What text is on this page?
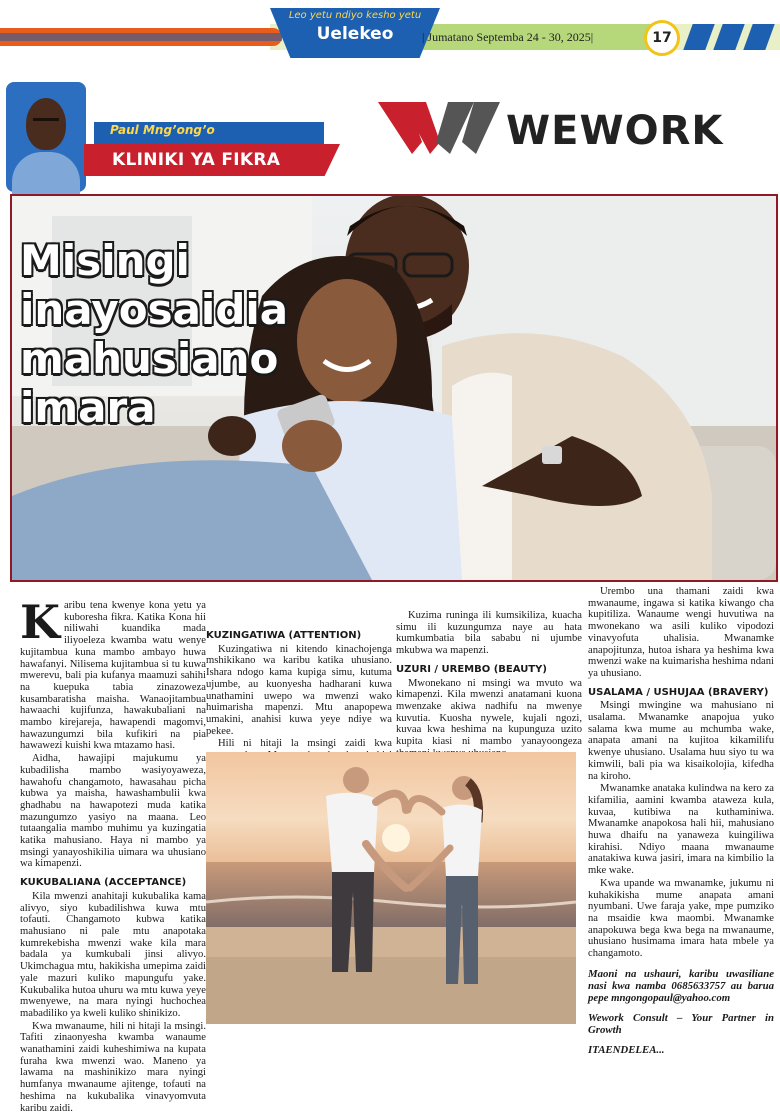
Leo yetu ndiyo kesho yetu
Uelekeo	| Jumatano Septemba 24 - 30, 2025|	17
Paul Mng’ong’o
KLINIKI YA FIKRA
WEWORK
Misingi inayosaidia mahusiano imara

Karibu tena kwenye kona yetu ya kuboresha fikra. Katika Kona hii niliwahi kuandika mada iliyoeleza kwamba watu wenye kujitambua kuna mambo ambayo huwa hawafanyi. Nilisema kujitambua si tu kuwa mwerevu, bali pia kufanya maamuzi sahihi na kuepuka tabia zinazoweza kusambaratisha maisha. Wanaojitambua hawaachi kujifunza, hawakubaliani na mambo kirejareja, hawapendi magomvi, hawazungumzi bila kufikiri na pia hawawezi kuishi kwa mtazamo hasi.

Aidha, hawajipi majukumu ya kubadilisha mambo wasiyoyaweza, hawahofu changamoto, hawasahau picha kubwa ya maisha, hawashambulii kwa ghadhabu na hawapotezi muda katika mazungumzo yasiyo na maana. Leo tutaangalia mambo muhimu ya kuzingatia katika mahusiano. Haya ni mambo ya msingi yanayoshikilia uimara wa uhusiano wa kimapenzi.

KUKUBALIANA (ACCEPTANCE)

Kila mwenzi anahitaji kukubalika kama alivyo, siyo kubadilishwa kuwa mtu tofauti. Changamoto kubwa katika mahusiano ni pale mtu anapotaka kumrekebisha mwenzi wake kila mara badala ya kumkubali jinsi alivyo. Ukimchagua mtu, hakikisha umepima zaidi yale mazuri kuliko mapungufu yake. Kukubalika hutoa uhuru wa mtu kuwa yeye mwenyewe, na mara nyingi huchochea mabadiliko ya kweli kuliko shinikizo.

Kwa mwanaume, hili ni hitaji la msingi. Tafiti zinaonyesha kwamba wanaume wanathamini zaidi kuheshimiwa na kupata furaha kwa mwenzi wao. Maneno ya lawama na mashinikizo mara nyingi humfanya mwanaume ajitenge, tofauti na heshima na kukubalika vinavyomvuta karibu zaidi.

KUZINGATIWA (ATTENTION)

Kuzingatiwa ni kitendo kinachojenga mshikikano wa karibu katika uhusiano. Ishara ndogo kama kupiga simu, kutuma ujumbe, au kuonyesha hadharani kuwa unathamini uwepo wa mwenzi wako huimarisha mapenzi. Mtu anapopewa umakini, anahisi kuwa yeye ndiye wa pekee.

Hili ni hitaji la msingi zaidi kwa

Kuzima runinga ili kumsikiliza, kuacha simu ili kuzungumza naye au hata kumkumbatia bila sababu ni ujumbe mkubwa wa mapenzi.

UZURI / UREMBO (BEAUTY)

Mwonekano ni msingi wa mvuto wa kimapenzi. Kila mwenzi anatamani kuona mwenzake akiwa nadhifu na mwenye kuvutia. Kuosha nywele, kujali ngozi, kuvaa kwa heshima na kupunguza uzito kupita kiasi ni mambo yanayoongeza

Urembo una thamani zaidi kwa mwanaume, ingawa si katika kiwango cha kupitiliza. Wanaume wengi huvutiwa na mwonekano wa asili kuliko vipodozi vinavyofuta uhalisia. Mwanamke anapojitunza, hutoa ishara ya heshima kwa mwenzi wake na kuimarisha heshima ndani ya uhusiano.

USALAMA / USHUJAA (BRAVERY)

Msingi mwingine wa mahusiano ni usalama. Mwanamke anapojua yuko salama kwa mume au mchumba wake, anapata amani na kujitoa kikamilifu kwenye uhusiano. Usalama huu siyo tu wa kimwili, bali pia wa kisaikolojia, kifedha na kiroho.

Mwanamke anataka kulindwa na kero za kifamilia, aamini kwamba ataweza kula, kuvaa, kutibiwa na kuthaminiwa. Mwanamke anapokosa hali hii, mahusiano huwa dhaifu na yanaweza kuingiliwa kirahisi. Ndiyo maana mwanaume anatakiwa kuwa jasiri, imara na kimbilio la mke wake.

Kwa upande wa mwanamke, jukumu ni kuhakikisha mume anapata amani nyumbani. Uwe faraja yake, mpe pumziko na msaidie kwa maombi. Mwanamke anapokuwa bega kwa bega na mwanaume, uhusiano husimama imara hata mbele ya changamoto.

Maoni na ushauri, karibu uwasiliane nasi kwa namba 0685633757 au barua pepe mngongopaul@yahoo.com

Wework Consult – Your Partner in Growth

ITAENDELEA...
